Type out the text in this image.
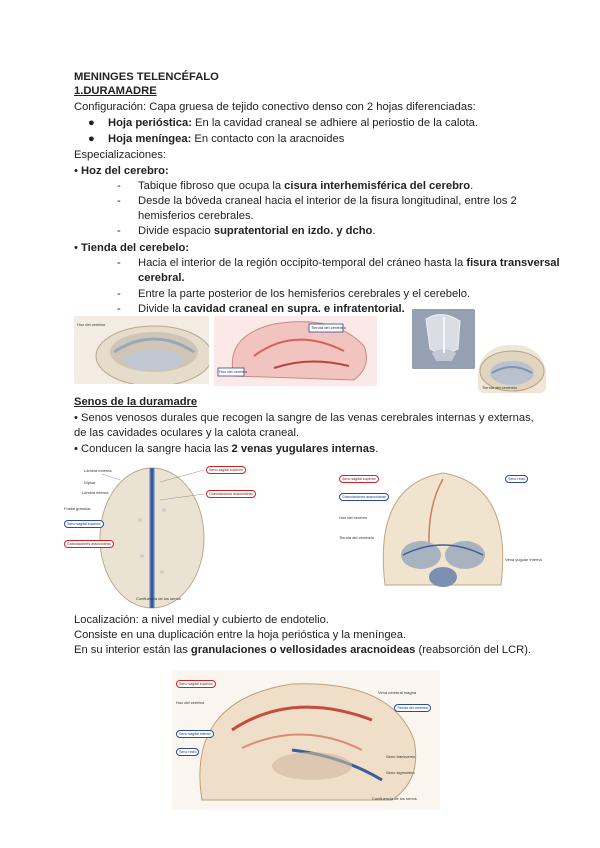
MENINGES TELENCÉFALO
1.DURAMADRE
Configuración: Capa gruesa de tejido conectivo denso con 2 hojas diferenciadas:
● Hoja perióstica: En la cavidad craneal se adhiere al periostio de la calota.
● Hoja meníngea: En contacto con la aracnoides
Especializaciones:
• Hoz del cerebro:
- Tabique fibroso que ocupa la cisura interhemisférica del cerebro.
- Desde la bóveda craneal hacia el interior de la fisura longitudinal, entre los 2
hemisferios cerebrales.
- Divide espacio supratentorial en izdo. y dcho.
• Tienda del cerebelo:
- Hacia el interior de la región occipito-temporal del cráneo hasta la fisura transversal
cerebral.
- Entre la parte posterior de los hemisferios cerebrales y el cerebelo.
- Divide la cavidad craneal en supra. e infratentorial.
Hoz del cerebro
Tienda del cerebelo
Hoz del cerebro
Tienda del cerebelo
Senos de la duramadre
• Senos venosos durales que recogen la sangre de las venas cerebrales internas y externas,
de las cavidades oculares y la calota craneal.
• Conducen la sangre hacia las 2 venas yugulares internas.
Lámina externa
Diploe
Lámina interna
Fosita granular
Seno sagital superior
Granulaciones aracnoideas
Seno sagital superior
Granulaciones aracnoideas
Confluencia de los senos
Seno sagital superior
Granulaciones aracnoideas
Hoz del cerebro
Tienda del cerebelo
Seno recto
Vena yugular interna
Localización: a nivel medial y cubierto de endotelio.
Consiste en una duplicación entre la hoja perióstica y la meníngea.
En su interior están las granulaciones o vellosidades aracnoideas (reabsorción del LCR).
Seno sagital superior
Hoz del cerebro
Seno sagital inferior
Seno recto
Vena cerebral magna
Tienda del cerebelo
Seno transverso
Seno sigmoideo
Confluencia de los senos
